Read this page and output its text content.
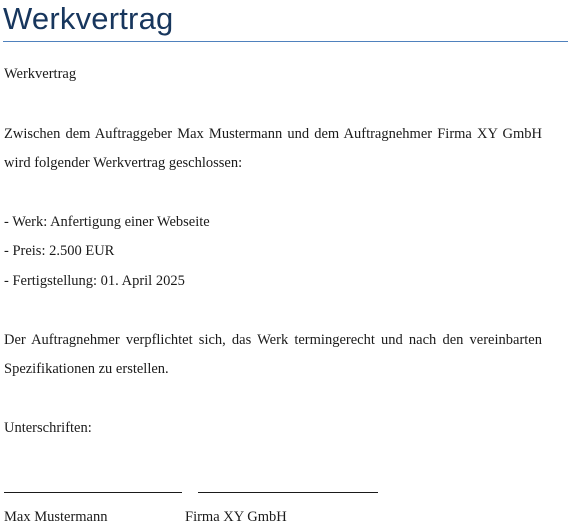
Werkvertrag

Werkvertrag

Zwischen dem Auftraggeber Max Mustermann und dem Auftragnehmer Firma XY GmbH

wird folgender Werkvertrag geschlossen:

- Werk: Anfertigung einer Webseite

- Preis: 2.500 EUR

- Fertigstellung: 01. April 2025

Der Auftragnehmer verpflichtet sich, das Werk termingerecht und nach den vereinbarten

Spezifikationen zu erstellen.

Unterschriften:

Max Mustermann	Firma XY GmbH
